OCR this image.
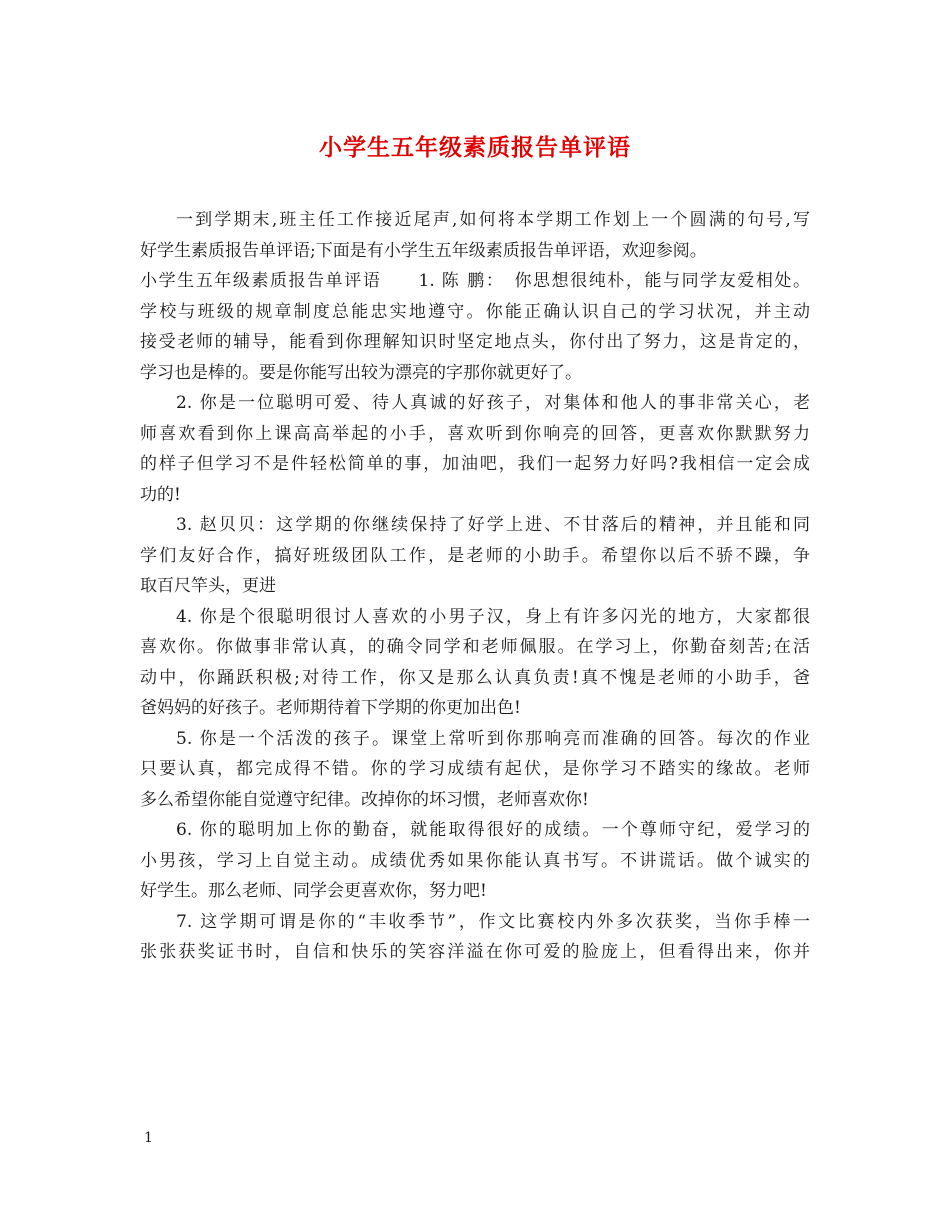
小学生五年级素质报告单评语
一到学期末,班主任工作接近尾声,如何将本学期工作划上一个圆满的句号,写
好学生素质报告单评语;下面是有小学生五年级素质报告单评语，欢迎参阅。
小学生五年级素质报告单评语　　1. 陈 鹏：　你思想很纯朴，能与同学友爱相处。
学校与班级的规章制度总能忠实地遵守。你能正确认识自己的学习状况，并主动
接受老师的辅导，能看到你理解知识时坚定地点头，你付出了努力，这是肯定的，
学习也是棒的。要是你能写出较为漂亮的字那你就更好了。
2. 你是一位聪明可爱、待人真诚的好孩子，对集体和他人的事非常关心，老
师喜欢看到你上课高高举起的小手，喜欢听到你响亮的回答，更喜欢你默默努力
的样子但学习不是件轻松简单的事，加油吧，我们一起努力好吗?我相信一定会成
功的!
3. 赵贝贝：这学期的你继续保持了好学上进、不甘落后的精神，并且能和同
学们友好合作，搞好班级团队工作，是老师的小助手。希望你以后不骄不躁，争
取百尺竿头，更进
4. 你是个很聪明很讨人喜欢的小男子汉，身上有许多闪光的地方，大家都很
喜欢你。你做事非常认真，的确令同学和老师佩服。在学习上，你勤奋刻苦;在活
动中，你踊跃积极;对待工作，你又是那么认真负责!真不愧是老师的小助手，爸
爸妈妈的好孩子。老师期待着下学期的你更加出色!
5. 你是一个活泼的孩子。课堂上常听到你那响亮而准确的回答。每次的作业
只要认真，都完成得不错。你的学习成绩有起伏，是你学习不踏实的缘故。老师
多么希望你能自觉遵守纪律。改掉你的坏习惯，老师喜欢你!
6. 你的聪明加上你的勤奋，就能取得很好的成绩。一个尊师守纪，爱学习的
小男孩，学习上自觉主动。成绩优秀如果你能认真书写。不讲谎话。做个诚实的
好学生。那么老师、同学会更喜欢你，努力吧!
7. 这学期可谓是你的“丰收季节”，作文比赛校内外多次获奖，当你手棒一
张张获奖证书时，自信和快乐的笑容洋溢在你可爱的脸庞上，但看得出来，你并
1
